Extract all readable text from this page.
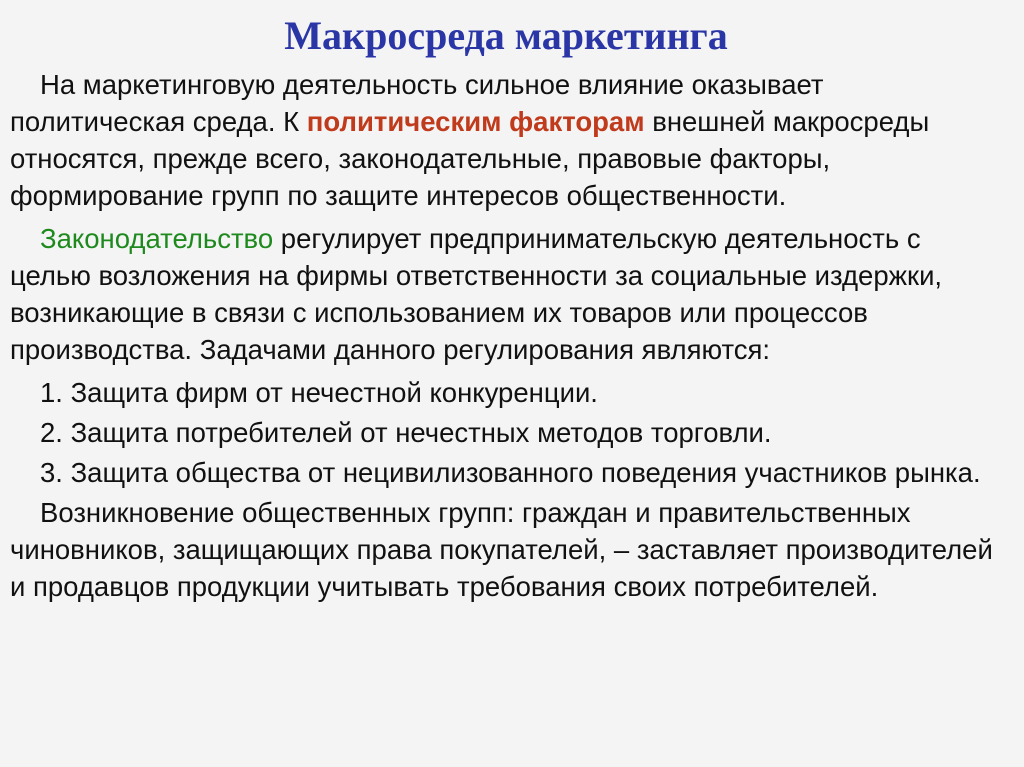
Макросреда маркетинга

На маркетинговую деятельность сильное влияние оказывает политическая среда. К политическим факторам внешней макросреды относятся, прежде всего, законодательные, правовые факторы, формирование групп по защите интересов общественности.

Законодательство регулирует предпринимательскую деятельность с целью возложения на фирмы ответственности за социальные издержки, возникающие в связи с использованием их товаров или процессов производства. Задачами данного регулирования являются:

1. Защита фирм от нечестной конкуренции.

2. Защита потребителей от нечестных методов торговли.

3. Защита общества от нецивилизованного поведения участников рынка.

Возникновение общественных групп: граждан и правительственных чиновников, защищающих права покупателей, – заставляет производителей и продавцов продукции учитывать требования своих потребителей.
